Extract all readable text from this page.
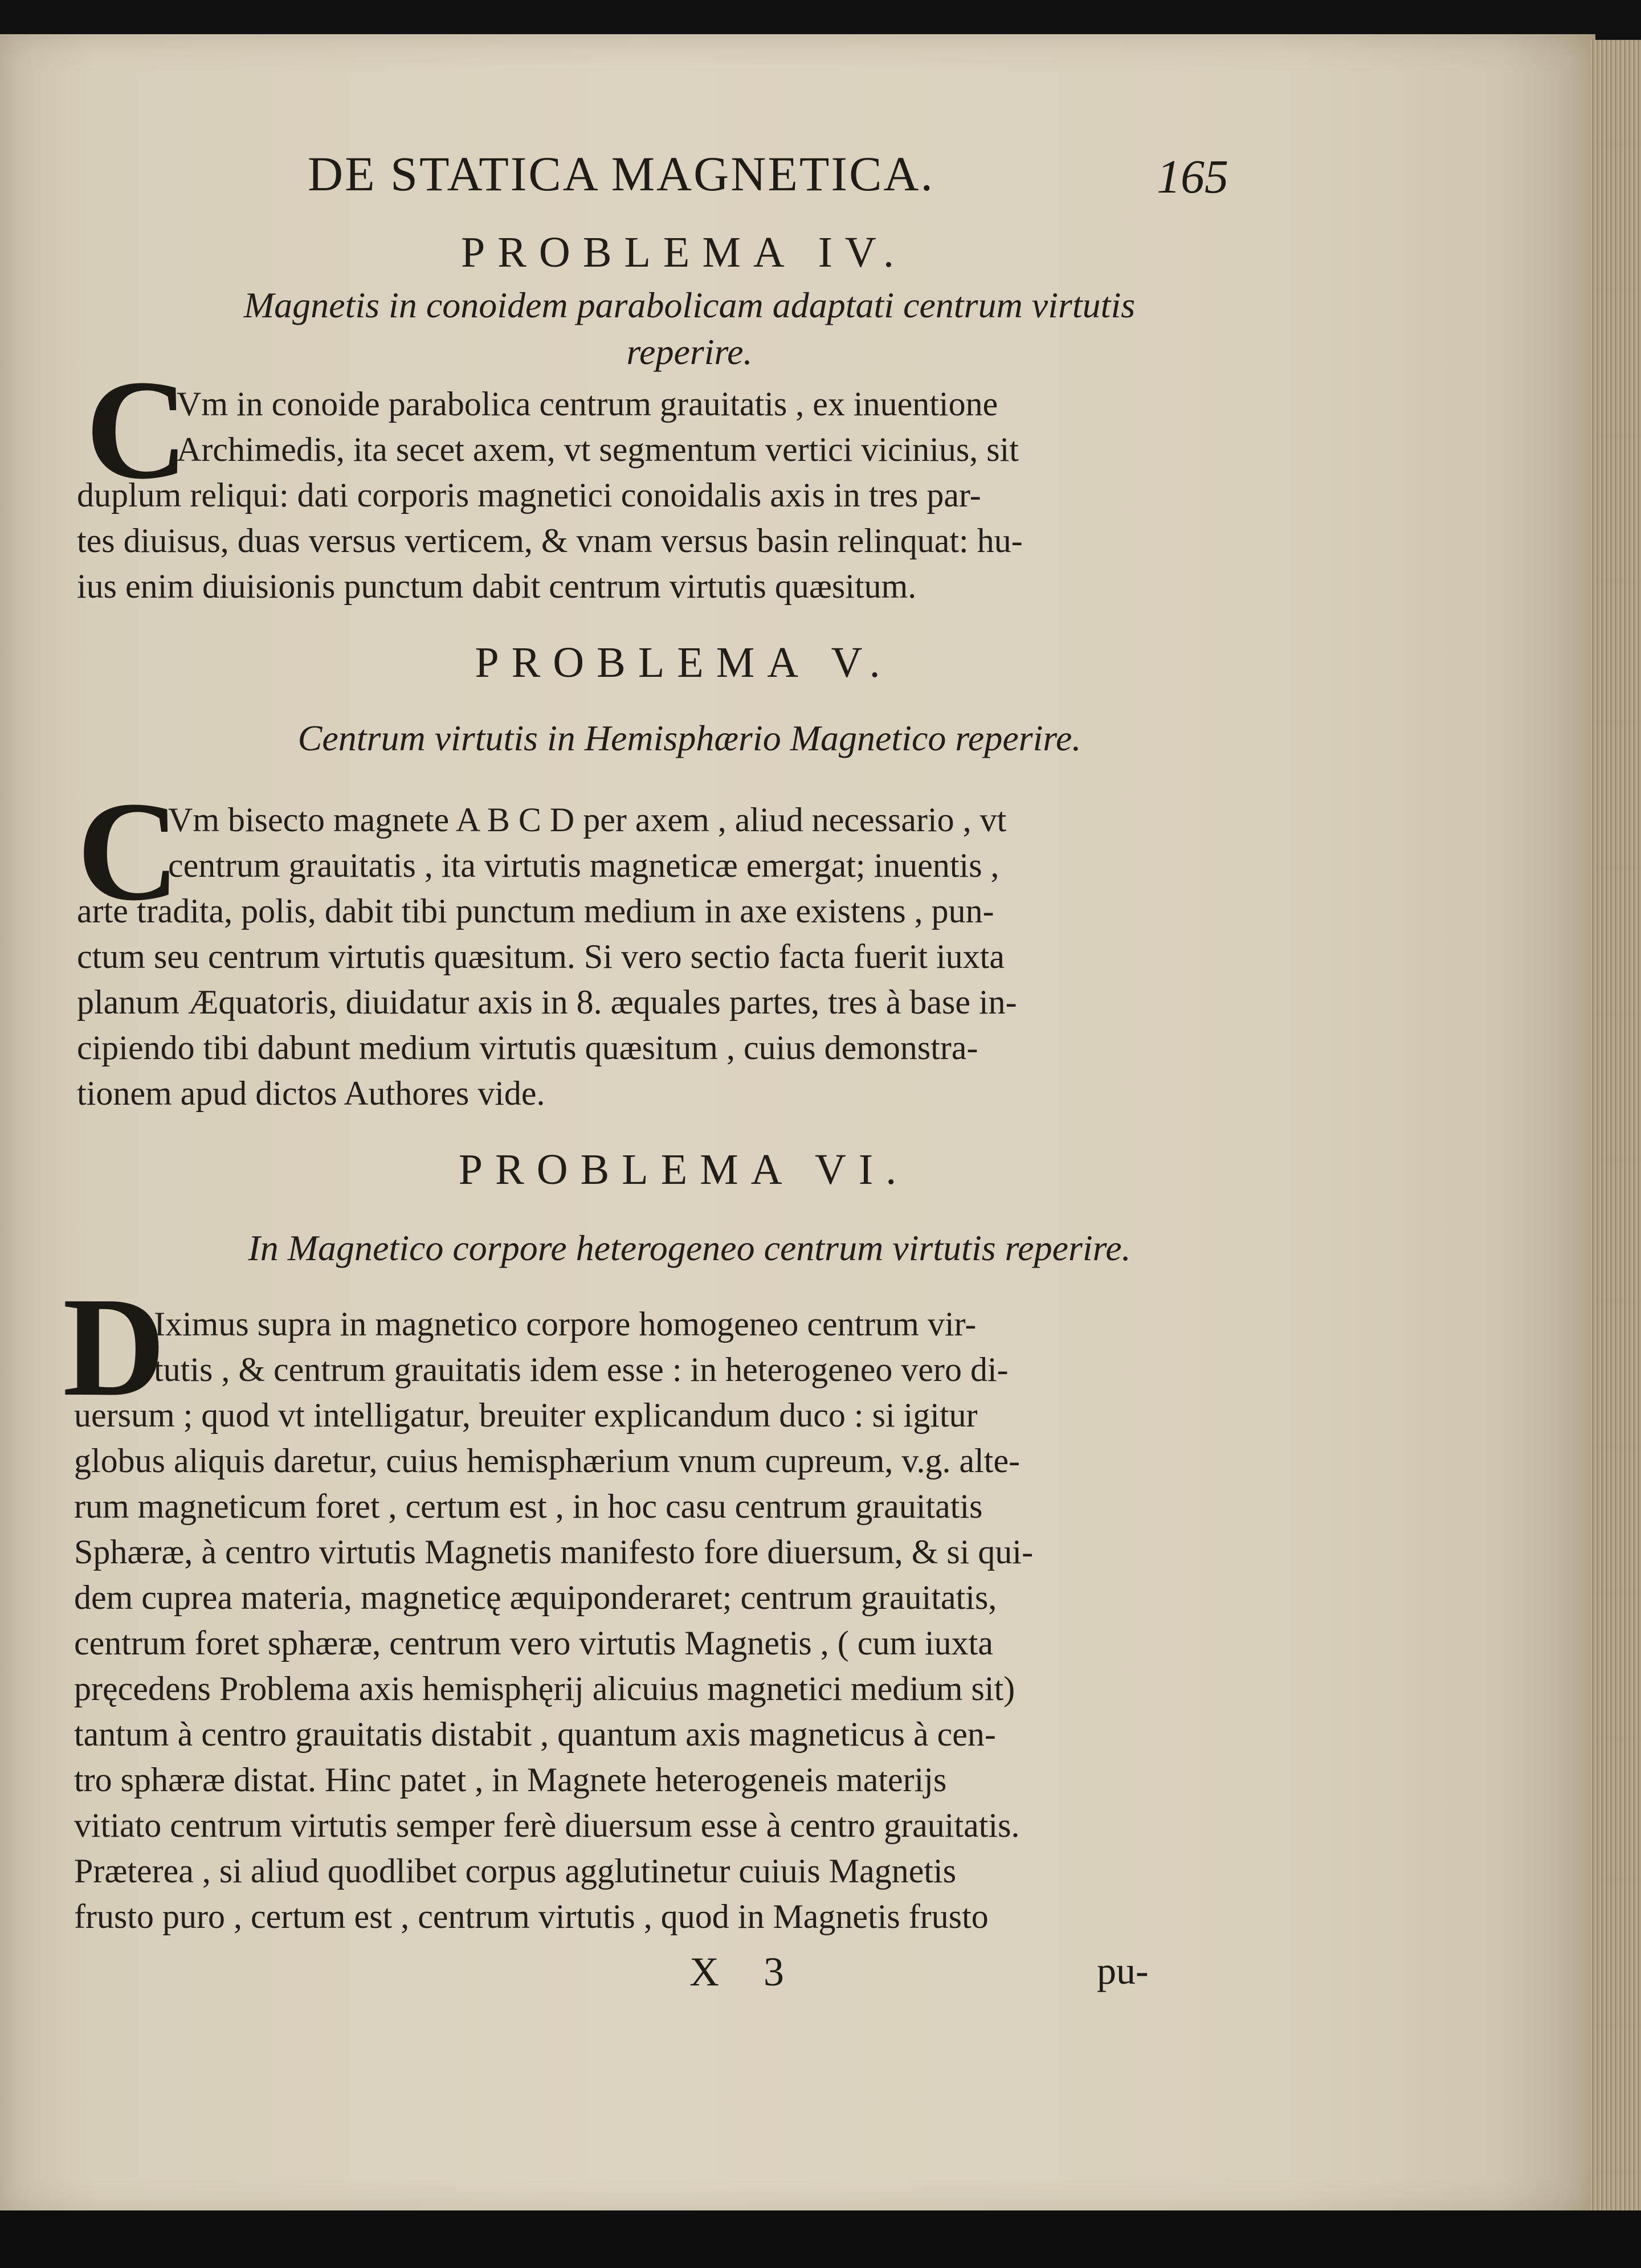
DE STATICA MAGNETICA.	165
PROBLEMA IV.
Magnetis in conoidem parabolicam adaptati centrum virtutis
reperire.
C
Vm in conoide parabolica centrum grauitatis , ex inuentione
Archimedis, ita secet axem, vt segmentum vertici vicinius, sit
duplum reliqui: dati corporis magnetici conoidalis axis in tres par-
tes diuisus, duas versus verticem, & vnam versus basin relinquat: hu-
ius enim diuisionis punctum dabit centrum virtutis quæsitum.
PROBLEMA V.
Centrum virtutis in Hemisphærio Magnetico reperire.
C
Vm bisecto magnete A B C D per axem , aliud necessario , vt
centrum grauitatis , ita virtutis magneticæ emergat; inuentis ,
arte tradita, polis, dabit tibi punctum medium in axe existens , pun-
ctum seu centrum virtutis quæsitum. Si vero sectio facta fuerit iuxta
planum Æquatoris, diuidatur axis in 8. æquales partes, tres à base in-
cipiendo tibi dabunt medium virtutis quæsitum , cuius demonstra-
tionem apud dictos Authores vide.
PROBLEMA VI.
In Magnetico corpore heterogeneo centrum virtutis reperire.
D
Iximus supra in magnetico corpore homogeneo centrum vir-
tutis , & centrum grauitatis idem esse : in heterogeneo vero di-
uersum ; quod vt intelligatur, breuiter explicandum duco : si igitur
globus aliquis daretur, cuius hemisphærium vnum cupreum, v.g. alte-
rum magneticum foret , certum est , in hoc casu centrum grauitatis
Sphæræ, à centro virtutis Magnetis manifesto fore diuersum, & si qui-
dem cuprea materia, magneticę æquiponderaret; centrum grauitatis,
centrum foret sphæræ, centrum vero virtutis Magnetis , ( cum iuxta
pręcedens Problema axis hemisphęrij alicuius magnetici medium sit)
tantum à centro grauitatis distabit , quantum axis magneticus à cen-
tro sphæræ distat. Hinc patet , in Magnete heterogeneis materijs
vitiato centrum virtutis semper ferè diuersum esse à centro grauitatis.
Præterea , si aliud quodlibet corpus agglutinetur cuiuis Magnetis
frusto puro , certum est , centrum virtutis , quod in Magnetis frusto
X 3	pu-
